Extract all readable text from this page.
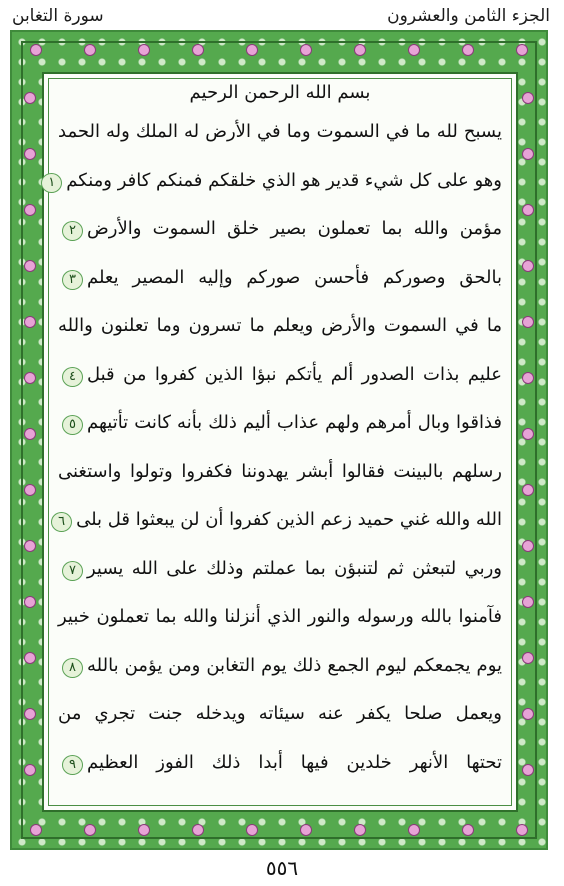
الجزء الثامن والعشرون
سورة التغابن
بسم الله الرحمن الرحيم
يسبح لله ما في السموت وما في الأرض له الملك وله الحمد
وهو على كل شيء قدير هو الذي خلقكم فمنكم كافر ومنكم١
مؤمن والله بما تعملون بصير خلق السموت والأرض٢
بالحق وصوركم فأحسن صوركم وإليه المصير يعلم٣
ما في السموت والأرض ويعلم ما تسرون وما تعلنون والله
عليم بذات الصدور ألم يأتكم نبؤا الذين كفروا من قبل٤
فذاقوا وبال أمرهم ولهم عذاب أليم ذلك بأنه كانت تأتيهم٥
رسلهم بالبينت فقالوا أبشر يهدوننا فكفروا وتولوا واستغنى
الله والله غني حميد زعم الذين كفروا أن لن يبعثوا قل بلى٦
وربي لتبعثن ثم لتنبؤن بما عملتم وذلك على الله يسير٧
فآمنوا بالله ورسوله والنور الذي أنزلنا والله بما تعملون خبير
يوم يجمعكم ليوم الجمع ذلك يوم التغابن ومن يؤمن بالله٨
ويعمل صلحا يكفر عنه سيئاته ويدخله جنت تجري من
تحتها الأنهر خلدين فيها أبدا ذلك الفوز العظيم٩
٥٥٦
